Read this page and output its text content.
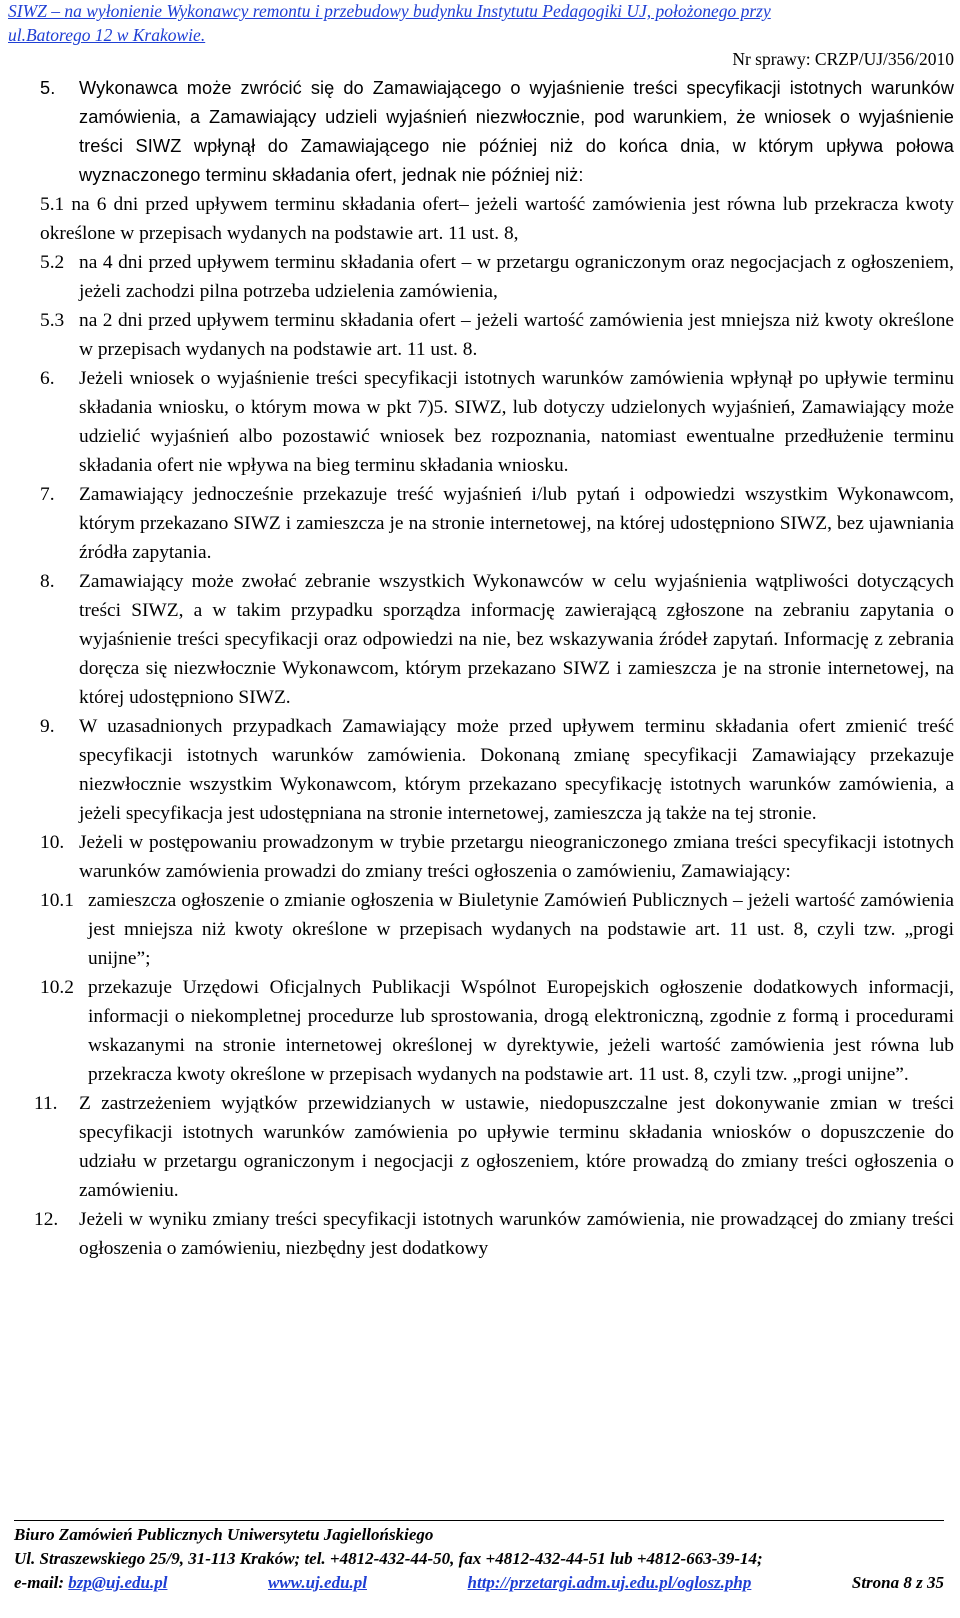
SIWZ – na wyłonienie Wykonawcy remontu i przebudowy budynku Instytutu Pedagogiki UJ, położonego przy
ul.Batorego 12 w Krakowie.
Nr sprawy: CRZP/UJ/356/2010
5.	Wykonawca może zwrócić się do Zamawiającego o wyjaśnienie treści specyfikacji istotnych warunków zamówienia, a Zamawiający udzieli wyjaśnień niezwłocznie, pod warunkiem, że wniosek o wyjaśnienie treści SIWZ wpłynął do Zamawiającego nie później niż do końca dnia, w którym upływa połowa wyznaczonego terminu składania ofert, jednak nie później niż:
5.1 na 6 dni przed upływem terminu składania ofert– jeżeli wartość zamówienia jest równa lub przekracza kwoty określone w przepisach wydanych na podstawie art. 11 ust. 8,
5.2 na 4 dni przed upływem terminu składania ofert – w przetargu ograniczonym oraz negocjacjach z ogłoszeniem, jeżeli zachodzi pilna potrzeba udzielenia zamówienia,
5.3 na 2 dni przed upływem terminu składania ofert – jeżeli wartość zamówienia jest mniejsza niż kwoty określone w przepisach wydanych na podstawie art. 11 ust. 8.
6.	Jeżeli wniosek o wyjaśnienie treści specyfikacji istotnych warunków zamówienia wpłynął po upływie terminu składania wniosku, o którym mowa w pkt 7)5. SIWZ, lub dotyczy udzielonych wyjaśnień, Zamawiający może udzielić wyjaśnień albo pozostawić wniosek bez rozpoznania, natomiast ewentualne przedłużenie terminu składania ofert nie wpływa na bieg terminu składania wniosku.
7.	Zamawiający jednocześnie przekazuje treść wyjaśnień i/lub pytań i odpowiedzi wszystkim Wykonawcom, którym przekazano SIWZ i zamieszcza je na stronie internetowej, na której udostępniono SIWZ, bez ujawniania źródła zapytania.
8.	Zamawiający może zwołać zebranie wszystkich Wykonawców w celu wyjaśnienia wątpliwości dotyczących treści SIWZ, a w takim przypadku sporządza informację zawierającą zgłoszone na zebraniu zapytania o wyjaśnienie treści specyfikacji oraz odpowiedzi na nie, bez wskazywania źródeł zapytań. Informację z zebrania doręcza się niezwłocznie Wykonawcom, którym przekazano SIWZ i zamieszcza je na stronie internetowej, na której udostępniono SIWZ.
9.	W uzasadnionych przypadkach Zamawiający może przed upływem terminu składania ofert zmienić treść specyfikacji istotnych warunków zamówienia. Dokonaną zmianę specyfikacji Zamawiający przekazuje niezwłocznie wszystkim Wykonawcom, którym przekazano specyfikację istotnych warunków zamówienia, a jeżeli specyfikacja jest udostępniana na stronie internetowej, zamieszcza ją także na tej stronie.
10. Jeżeli w postępowaniu prowadzonym w trybie przetargu nieograniczonego zmiana treści specyfikacji istotnych warunków zamówienia prowadzi do zmiany treści ogłoszenia o zamówieniu, Zamawiający:
10.1 zamieszcza ogłoszenie o zmianie ogłoszenia w Biuletynie Zamówień Publicznych – jeżeli wartość zamówienia jest mniejsza niż kwoty określone w przepisach wydanych na podstawie art. 11 ust. 8, czyli tzw. „progi unijne”;
10.2 przekazuje Urzędowi Oficjalnych Publikacji Wspólnot Europejskich ogłoszenie dodatkowych informacji, informacji o niekompletnej procedurze lub sprostowania, drogą elektroniczną, zgodnie z formą i procedurami wskazanymi na stronie internetowej określonej w dyrektywie, jeżeli wartość zamówienia jest równa lub przekracza kwoty określone w przepisach wydanych na podstawie art. 11 ust. 8, czyli tzw. „progi unijne”.
11.	Z zastrzeżeniem wyjątków przewidzianych w ustawie, niedopuszczalne jest dokonywanie zmian w treści specyfikacji istotnych warunków zamówienia po upływie terminu składania wniosków o dopuszczenie do udziału w przetargu ograniczonym i negocjacji z ogłoszeniem, które prowadzą do zmiany treści ogłoszenia o zamówieniu.
12.	Jeżeli w wyniku zmiany treści specyfikacji istotnych warunków zamówienia, nie prowadzącej do zmiany treści ogłoszenia o zamówieniu, niezbędny jest dodatkowy
Biuro Zamówień Publicznych Uniwersytetu Jagiellońskiego
Ul. Straszewskiego 25/9, 31-113 Kraków; tel. +4812-432-44-50, fax +4812-432-44-51 lub +4812-663-39-14;
e-mail: bzp@uj.edu.pl	www.uj.edu.pl	http://przetargi.adm.uj.edu.pl/oglosz.php	Strona 8 z 35
